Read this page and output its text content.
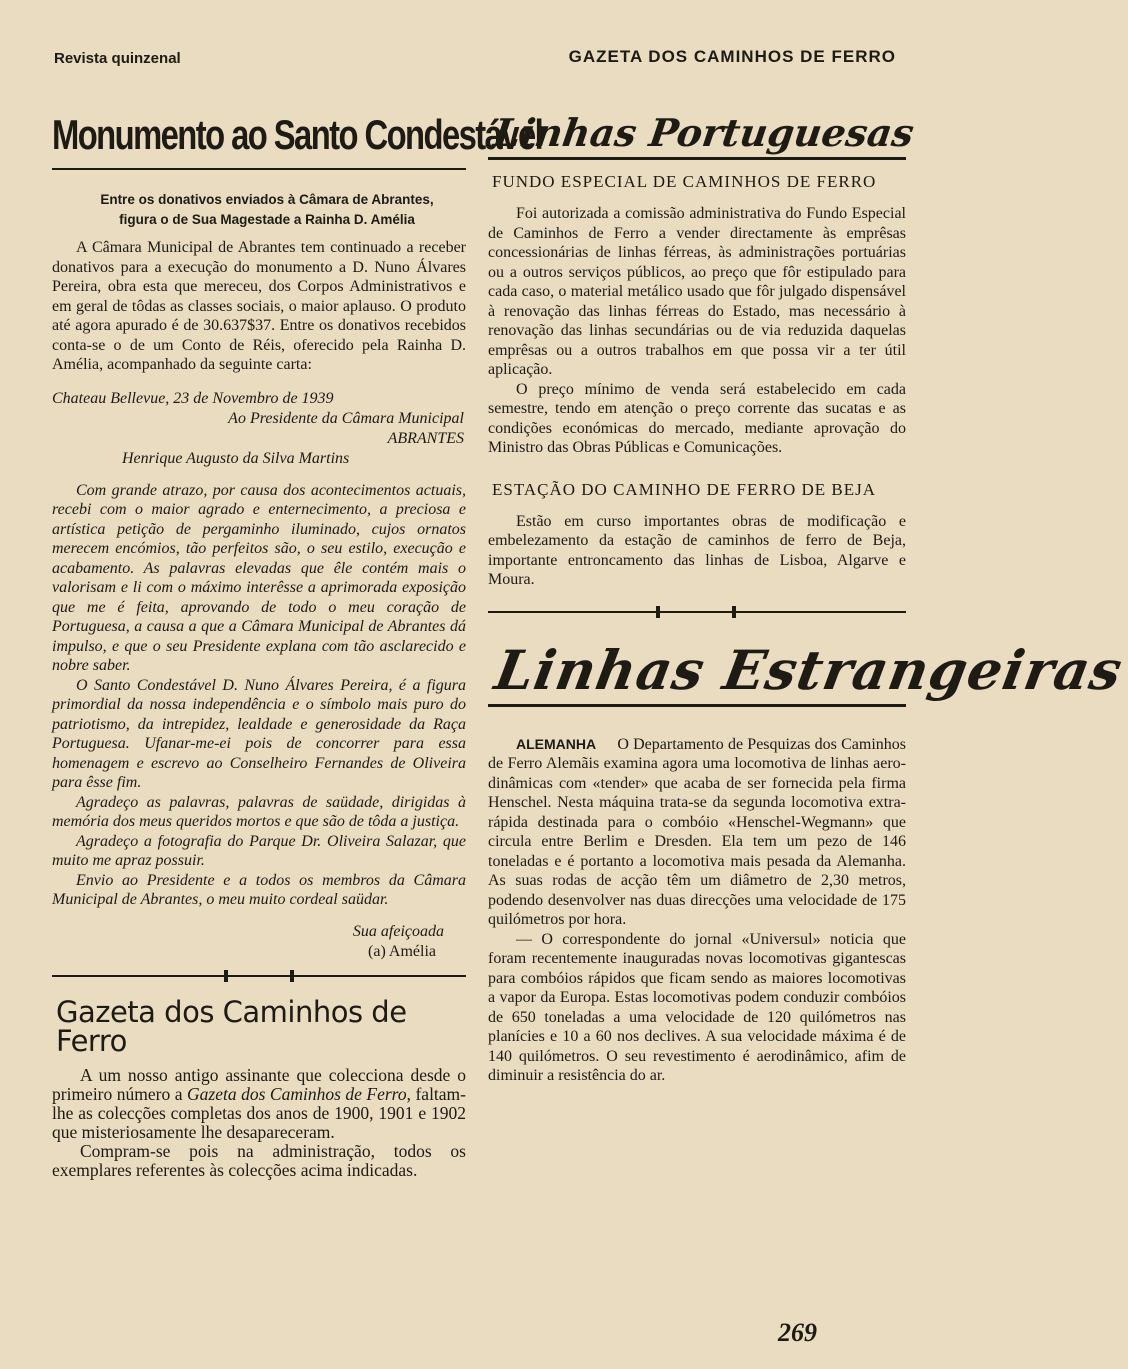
Revista quinzenal	GAZETA DOS CAMINHOS DE FERRO
Monumento ao Santo Condestável
Entre os donativos enviados à Câmara de Abrantes,
figura o de Sua Magestade a Rainha D. Amélia

A Câmara Municipal de Abrantes tem continuado a receber donativos para a execução do monumento a D. Nuno Álvares Pereira, obra esta que mereceu, dos Corpos Administrativos e em geral de tôdas as classes sociais, o maior aplauso. O produto até agora apurado é de 30.637$37. Entre os donativos recebidos conta-se o de um Conto de Réis, oferecido pela Rainha D. Amélia, acompanhado da seguinte carta:

Chateau Bellevue, 23 de Novembro de 1939
Ao Presidente da Câmara Municipal
ABRANTES
Henrique Augusto da Silva Martins

Com grande atrazo, por causa dos acontecimentos actuais, recebi com o maior agrado e enternecimento, a preciosa e artística petição de pergaminho iluminado, cujos ornatos merecem encómios, tão perfeitos são, o seu estilo, execução e acabamento. As palavras elevadas que êle contém mais o valorisam e li com o máximo interêsse a aprimorada exposição que me é feita, aprovando de todo o meu coração de Portuguesa, a causa a que a Câmara Municipal de Abrantes dá impulso, e que o seu Presidente explana com tão asclarecido e nobre saber.

O Santo Condestável D. Nuno Álvares Pereira, é a figura primordial da nossa independência e o símbolo mais puro do patriotismo, da intrepidez, lealdade e generosidade da Raça Portuguesa. Ufanar-me-ei pois de concorrer para essa homenagem e escrevo ao Conselheiro Fernandes de Oliveira para êsse fim.

Agradeço as palavras, palavras de saüdade, dirigidas à memória dos meus queridos mortos e que são de tôda a justiça.

Agradeço a fotografia do Parque Dr. Oliveira Salazar, que muito me apraz possuir.

Envio ao Presidente e a todos os membros da Câmara Municipal de Abrantes, o meu muito cordeal saüdar.

Sua afeiçoada
(a) Amélia
Gazeta dos Caminhos de Ferro
A um nosso antigo assinante que colecciona desde o primeiro número a Gazeta dos Caminhos de Ferro, faltam-lhe as colecções completas dos anos de 1900, 1901 e 1902 que misteriosamente lhe desapareceram.
Compram-se pois na administração, todos os exemplares referentes às colecções acima indicadas.
Linhas Portuguesas
FUNDO ESPECIAL DE CAMINHOS DE FERRO

Foi autorizada a comissão administrativa do Fundo Especial de Caminhos de Ferro a vender directamente às emprêsas concessionárias de linhas férreas, às administrações portuárias ou a outros serviços públicos, ao preço que fôr estipulado para cada caso, o material metálico usado que fôr julgado dispensável à renovação das linhas férreas do Estado, mas necessário à renovação das linhas secundárias ou de via reduzida daquelas emprêsas ou a outros trabalhos em que possa vir a ter útil aplicação.

O preço mínimo de venda será estabelecido em cada semestre, tendo em atenção o preço corrente das sucatas e as condições económicas do mercado, mediante aprovação do Ministro das Obras Públicas e Comunicações.

ESTAÇÃO DO CAMINHO DE FERRO DE BEJA

Estão em curso importantes obras de modificação e embelezamento da estação de caminhos de ferro de Beja, importante entroncamento das linhas de Lisboa, Algarve e Moura.

Linhas Estrangeiras

ALEMANHA O Departamento de Pesquizas dos Caminhos de Ferro Alemãis examina agora uma locomotiva de linhas aero-dinâmicas com «tender» que acaba de ser fornecida pela firma Henschel. Nesta máquina trata-se da segunda locomotiva extra-rápida destinada para o combóio «Henschel-Wegmann» que circula entre Berlim e Dresden. Ela tem um pezo de 146 toneladas e é portanto a locomotiva mais pesada da Alemanha. As suas rodas de acção têm um diâmetro de 2,30 metros, podendo desenvolver nas duas direcções uma velocidade de 175 quilómetros por hora.

— O correspondente do jornal «Universul» noticia que foram recentemente inauguradas novas locomotivas gigantescas para combóios rápidos que ficam sendo as maiores locomotivas a vapor da Europa. Estas locomotivas podem conduzir combóios de 650 toneladas a uma velocidade de 120 quilómetros nas planícies e 10 a 60 nos declives. A sua velocidade máxima é de 140 quilómetros. O seu revestimento é aerodinâmico, afim de diminuir a resistência do ar.

269
